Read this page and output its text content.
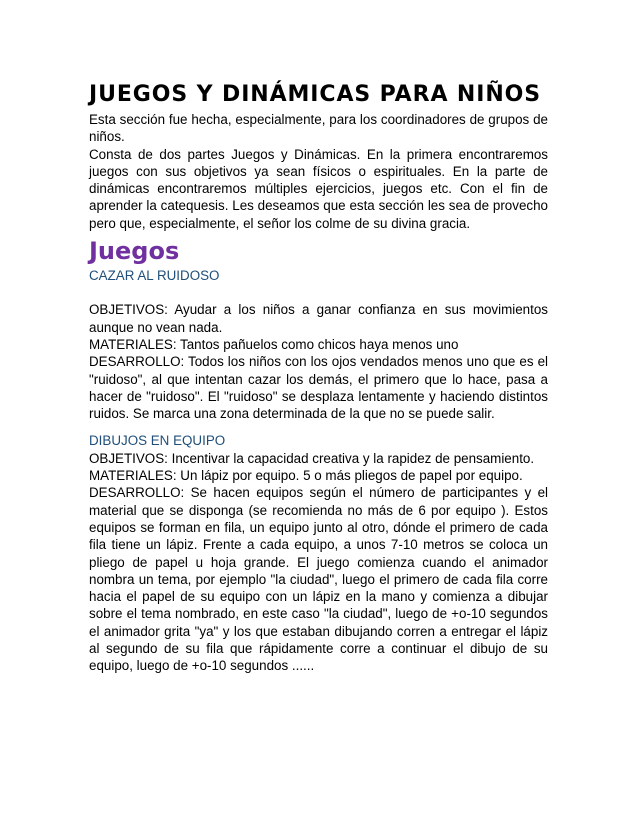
JUEGOS Y DINÁMICAS PARA NIÑOS

Esta sección fue hecha, especialmente, para los coordinadores de grupos de niños.

Consta de dos partes Juegos y Dinámicas. En la primera encontraremos juegos con sus objetivos ya sean físicos o espirituales. En la parte de dinámicas encontraremos múltiples ejercicios, juegos etc. Con el fin de aprender la catequesis. Les deseamos que esta sección les sea de provecho pero que, especialmente, el señor los colme de su divina gracia.

Juegos
CAZAR AL RUIDOSO

OBJETIVOS: Ayudar a los niños a ganar confianza en sus movimientos aunque no vean nada.

MATERIALES: Tantos pañuelos como chicos haya menos uno

DESARROLLO: Todos los niños con los ojos vendados menos uno que es el "ruidoso", al que intentan cazar los demás, el primero que lo hace, pasa a hacer de "ruidoso". El "ruidoso" se desplaza lentamente y haciendo distintos ruidos. Se marca una zona determinada de la que no se puede salir.

DIBUJOS EN EQUIPO

OBJETIVOS: Incentivar la capacidad creativa y la rapidez de pensamiento.

MATERIALES: Un lápiz por equipo. 5 o más pliegos de papel por equipo.

DESARROLLO: Se hacen equipos según el número de participantes y el material que se disponga (se recomienda no más de 6 por equipo ). Estos equipos se forman en fila, un equipo junto al otro, dónde el primero de cada fila tiene un lápiz. Frente a cada equipo, a unos 7-10 metros se coloca un pliego de papel u hoja grande. El juego comienza cuando el animador nombra un tema, por ejemplo "la ciudad", luego el primero de cada fila corre hacia el papel de su equipo con un lápiz en la mano y comienza a dibujar sobre el tema nombrado, en este caso "la ciudad", luego de +o-10 segundos el animador grita "ya" y los que estaban dibujando corren a entregar el lápiz al segundo de su fila que rápidamente corre a continuar el dibujo de su equipo, luego de +o-10 segundos ......
